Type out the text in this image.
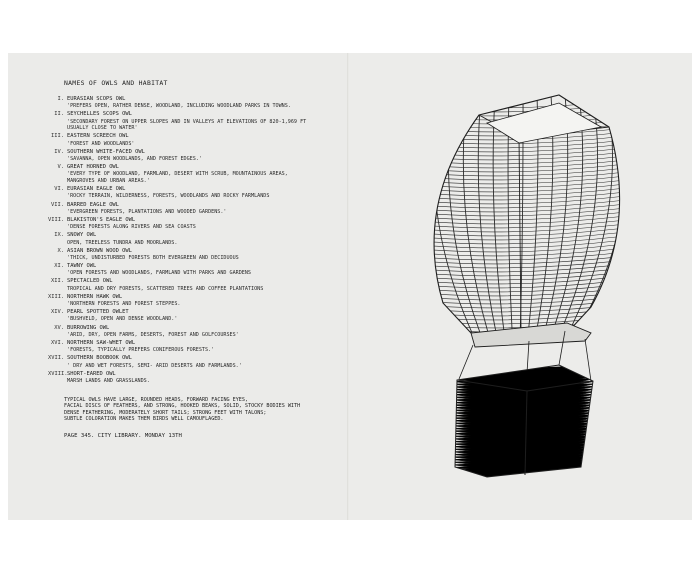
NAMES OF OWLS AND HABITAT
I. EURASIAN SCOPS OWL
'PREFERS OPEN, RATHER DENSE, WOODLAND, INCLUDING WOODLAND PARKS IN TOWNS.
II. SEYCHELLES SCOPS OWL
'SECONDARY FOREST ON UPPER SLOPES AND IN VALLEYS AT ELEVATIONS OF 820-1,969 FT
USUALLY CLOSE TO WATER'
III. EASTERN SCREECH OWL
'FOREST AND WOODLANDS'
IV. SOUTHERN WHITE-FACED OWL
'SAVANNA, OPEN WOODLANDS, AND FOREST EDGES.'
V. GREAT HORNED OWL
'EVERY TYPE OF WOODLAND, FARMLAND, DESERT WITH SCRUB, MOUNTAINOUS AREAS,
MANGROVES AND URBAN AREAS.'
VI. EURASIAN EAGLE OWL
'ROCKY TERRAIN, WILDERNESS, FORESTS, WOODLANDS AND ROCKY FARMLANDS
VII. BARRED EAGLE OWL
'EVERGREEN FORESTS, PLANTATIONS AND WOODED GARDENS.'
VIII. BLAKISTON'S EAGLE OWL
'DENSE FORESTS ALONG RIVERS AND SEA COASTS
IX. SNOWY OWL
OPEN, TREELESS TUNDRA AND MOORLANDS.
X. ASIAN BROWN WOOD OWL
'THICK, UNDISTURBED FORESTS BOTH EVERGREEN AND DECIDUOUS
XI. TAWNY OWL
'OPEN FORESTS AND WOODLANDS, FARMLAND WITH PARKS AND GARDENS
XII. SPECTACLED OWL
TROPICAL AND DRY FORESTS, SCATTERED TREES AND COFFEE PLANTATIONS
XIII. NORTHERN HAWK OWL
'NORTHERN FORESTS AND FOREST STEPPES.
XIV. PEARL SPOTTED OWLET
'BUSHVELD, OPEN AND DENSE WOODLAND.'
XV. BURROWING OWL
'ARID, DRY, OPEN FARMS, DESERTS, FOREST AND GOLFCOURSES'
XVI. NORTHERN SAW-WHET OWL
'FORESTS, TYPICALLY PREFERS CONIFEROUS FORESTS.'
XVII. SOUTHERN BOOBOOK OWL
' DRY AND WET FORESTS, SEMI- ARID DESERTS AND FARMLANDS.'
XVIII. SHORT-EARED OWL
MARSH LANDS AND GRASSLANDS.
TYPICAL OWLS HAVE LARGE, ROUNDED HEADS, FORWARD FACING EYES,
FACIAL DISCS OF FEATHERS, AND STRONG, HOOKED BEAKS, SOLID, STOCKY BODIES WITH
DENSE FEATHERING, MODERATELY SHORT TAILS; STRONG FEET WITH TALONS;
SUBTLE COLORATION MAKES THEM BIRDS WELL CAMOUFLAGED.
PAGE 345. CITY LIBRARY. MONDAY 13TH
